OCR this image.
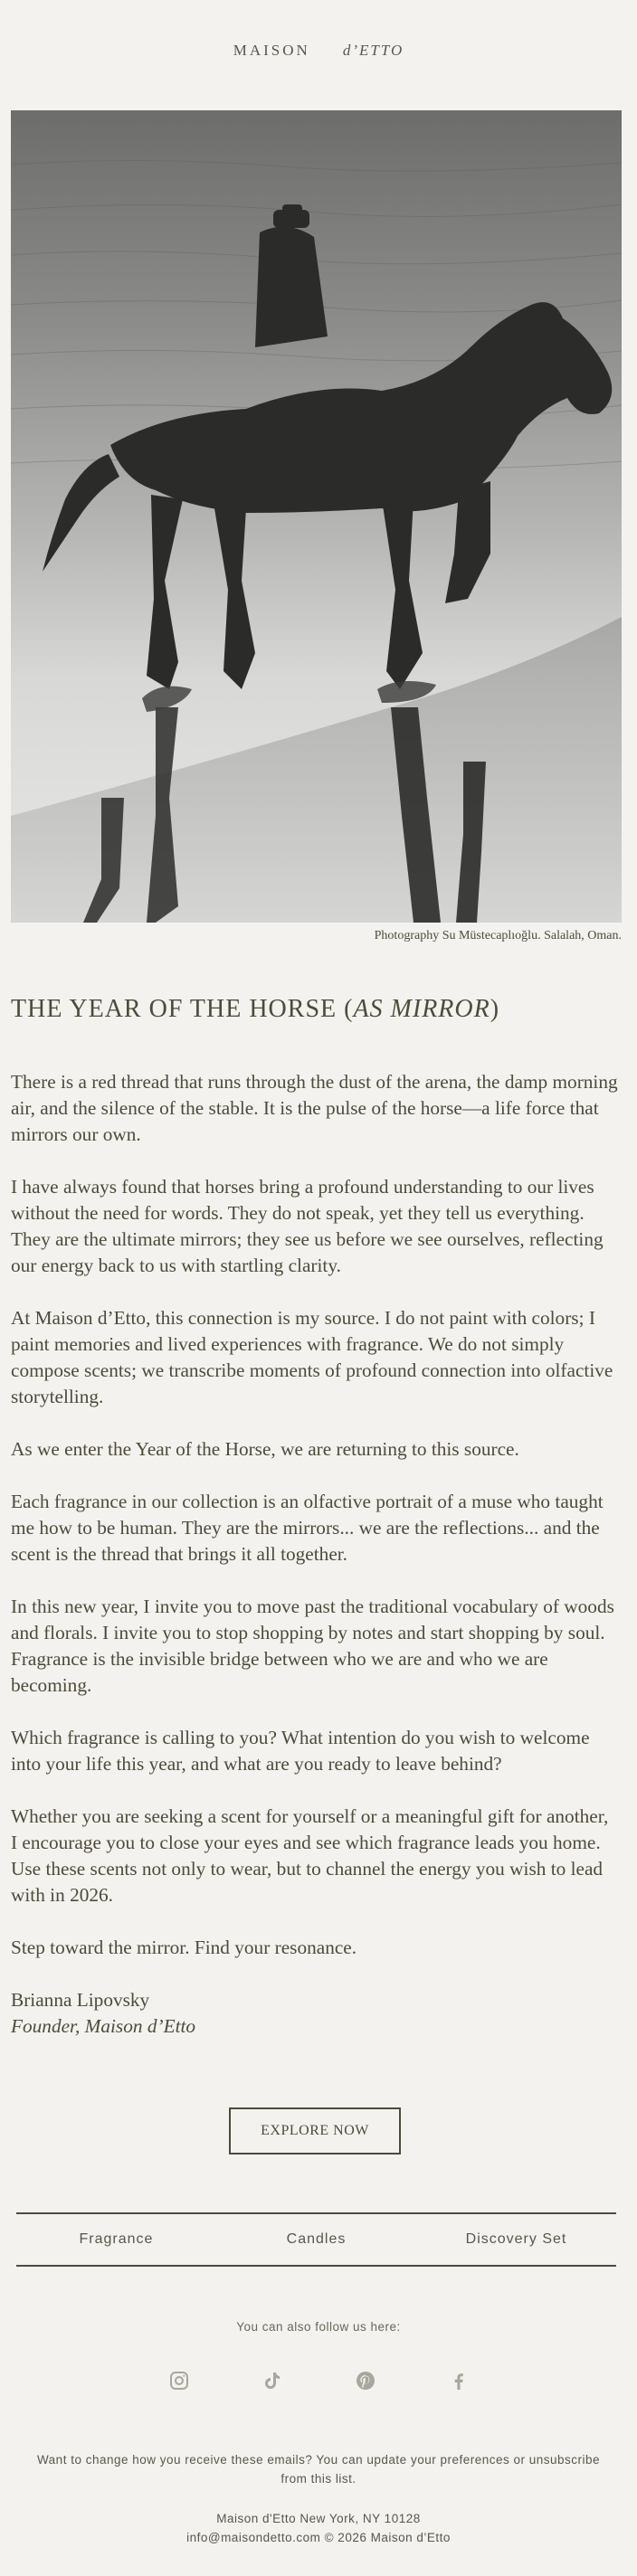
MAISON d’ETTO
Photography Su Müstecaplıoğlu. Salalah, Oman.
THE YEAR OF THE HORSE (AS MIRROR)

There is a red thread that runs through the dust of the arena, the damp morning air, and the silence of the stable. It is the pulse of the horse—a life force that mirrors our own.

I have always found that horses bring a profound understanding to our lives without the need for words. They do not speak, yet they tell us everything. They are the ultimate mirrors; they see us before we see ourselves, reflecting our energy back to us with startling clarity.

At Maison d’Etto, this connection is my source. I do not paint with colors; I paint memories and lived experiences with fragrance. We do not simply compose scents; we transcribe moments of profound connection into olfactive storytelling.

As we enter the Year of the Horse, we are returning to this source.

Each fragrance in our collection is an olfactive portrait of a muse who taught me how to be human. They are the mirrors... we are the reflections... and the scent is the thread that brings it all together.

In this new year, I invite you to move past the traditional vocabulary of woods and florals. I invite you to stop shopping by notes and start shopping by soul. Fragrance is the invisible bridge between who we are and who we are becoming.

Which fragrance is calling to you? What intention do you wish to welcome into your life this year, and what are you ready to leave behind?

Whether you are seeking a scent for yourself or a meaningful gift for another, I encourage you to close your eyes and see which fragrance leads you home. Use these scents not only to wear, but to channel the energy you wish to lead with in 2026.

Step toward the mirror. Find your resonance.

Brianna Lipovsky
Founder, Maison d’Etto
EXPLORE NOW
Fragrance	Candles	Discovery Set
You can also follow us here:
Want to change how you receive these emails? You can update your preferences or unsubscribe from this list.
Maison d'Etto New York, NY 10128
info@maisondetto.com © 2026 Maison d’Etto
